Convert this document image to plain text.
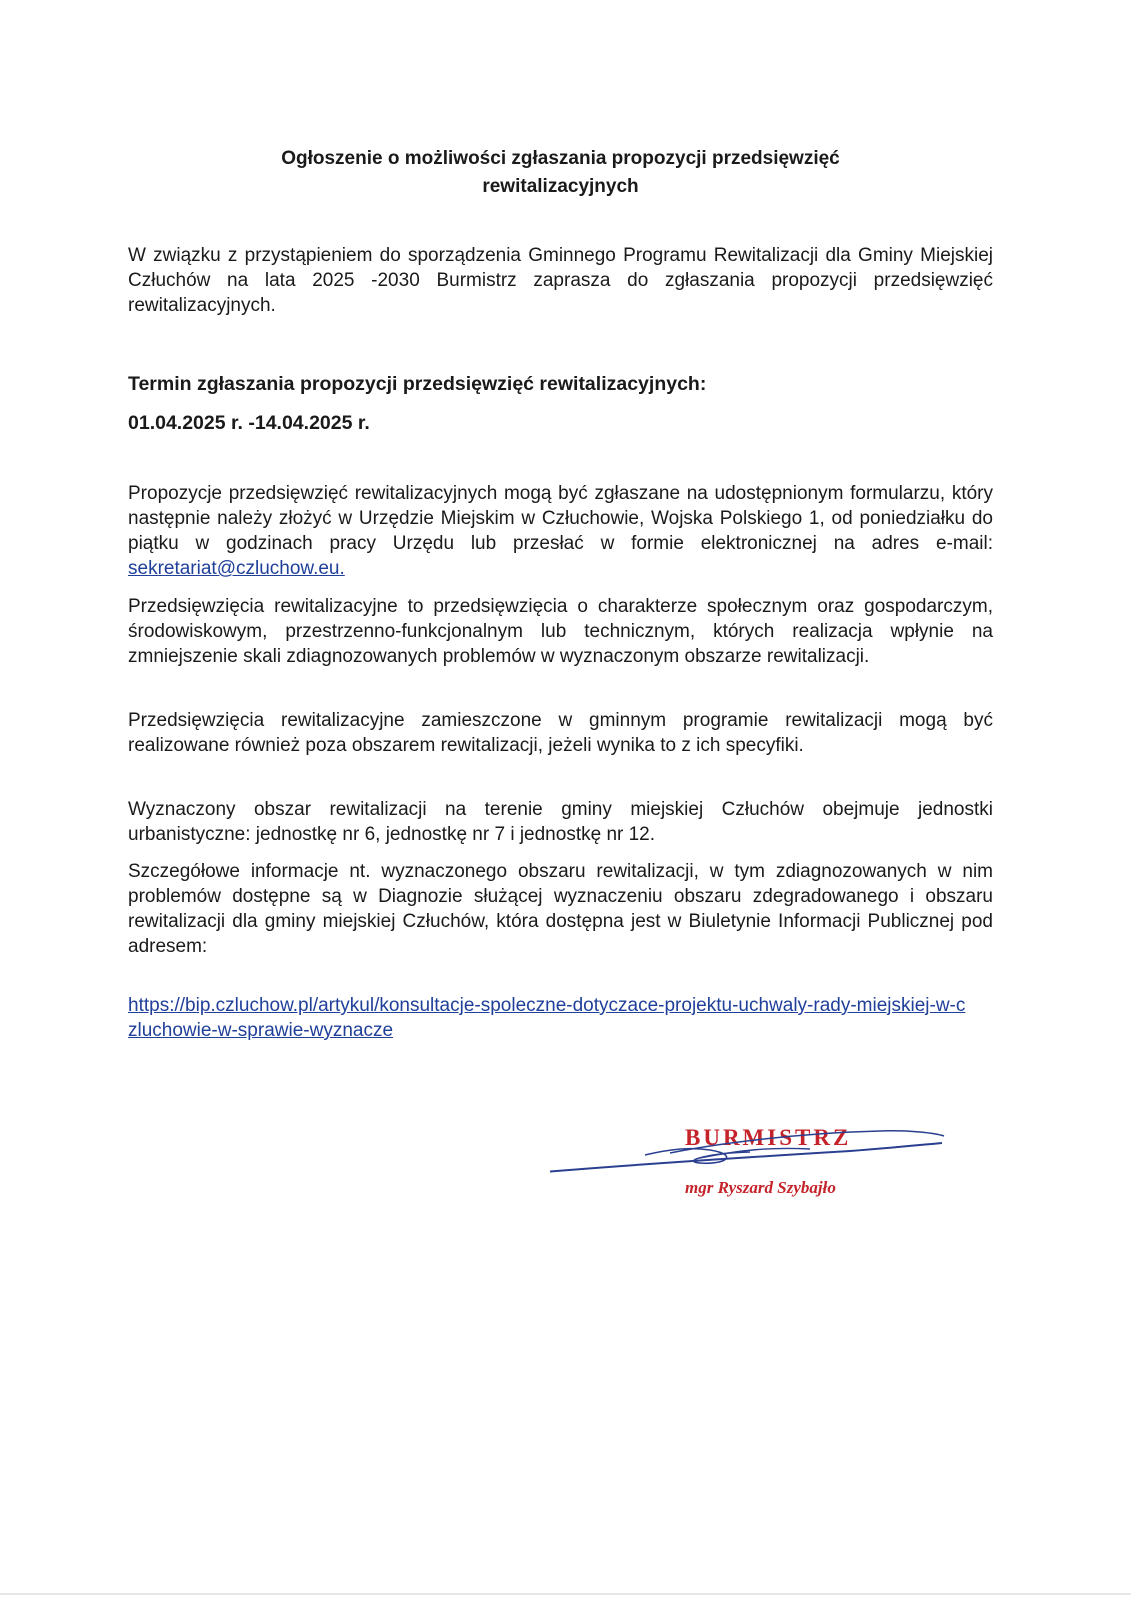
Ogłoszenie o możliwości zgłaszania propozycji przedsięwzięć
rewitalizacyjnych
W związku z przystąpieniem do sporządzenia Gminnego Programu Rewitalizacji dla Gminy Miejskiej Człuchów na lata 2025 -2030 Burmistrz zaprasza do zgłaszania propozycji przedsięwzięć rewitalizacyjnych.
Termin zgłaszania propozycji przedsięwzięć rewitalizacyjnych:
01.04.2025 r. -14.04.2025 r.
Propozycje przedsięwzięć rewitalizacyjnych mogą być zgłaszane na udostępnionym formularzu, który następnie należy złożyć w Urzędzie Miejskim w Człuchowie, Wojska Polskiego 1, od poniedziałku do piątku w godzinach pracy Urzędu lub przesłać w formie elektronicznej na adres e-mail: sekretariat@czluchow.eu.
Przedsięwzięcia rewitalizacyjne to przedsięwzięcia o charakterze społecznym oraz gospodarczym, środowiskowym, przestrzenno-funkcjonalnym lub technicznym, których realizacja wpłynie na zmniejszenie skali zdiagnozowanych problemów w wyznaczonym obszarze rewitalizacji.
Przedsięwzięcia rewitalizacyjne zamieszczone w gminnym programie rewitalizacji mogą być realizowane również poza obszarem rewitalizacji, jeżeli wynika to z ich specyfiki.
Wyznaczony obszar rewitalizacji na terenie gminy miejskiej Człuchów obejmuje jednostki urbanistyczne: jednostkę nr 6, jednostkę nr 7 i jednostkę nr 12.
Szczegółowe informacje nt. wyznaczonego obszaru rewitalizacji, w tym zdiagnozowanych w nim problemów dostępne są w Diagnozie służącej wyznaczeniu obszaru zdegradowanego i obszaru rewitalizacji dla gminy miejskiej Człuchów, która dostępna jest w Biuletynie Informacji Publicznej pod adresem:
https://bip.czluchow.pl/artykul/konsultacje-spoleczne-dotyczace-projektu-uchwaly-rady-miejskiej-w-czluchowie-w-sprawie-wyznacze
BURMISTRZ
mgr Ryszard Szybajło
